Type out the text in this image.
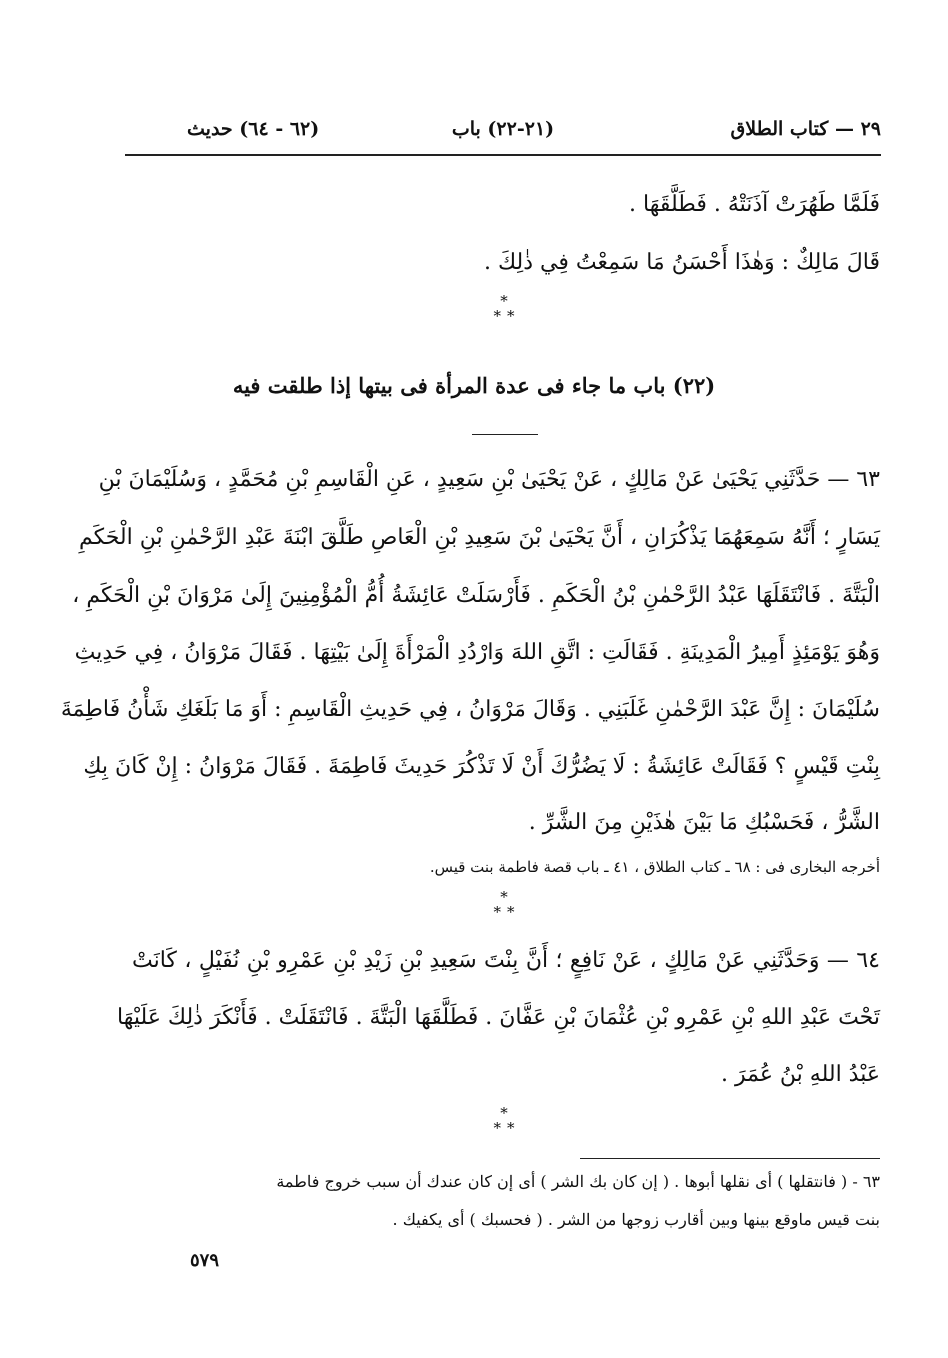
٢٩ — كتاب الطلاق
(٢١-٢٢) باب
(٦٢ - ٦٤) حديث
فَلَمَّا طَهُرَتْ آذَنَتْهُ . فَطَلَّقَهَا .
قَالَ مَالِكٌ : وَهٰذَا أَحْسَنُ مَا سَمِعْتُ فِي ذٰلِكَ .
*
**
(٢٢) باب ما جاء فى عدة المرأة فى بيتها إذا طلقت فيه
٦٣ — حَدَّثَنِي يَحْيَىٰ عَنْ مَالِكٍ ، عَنْ يَحْيَىٰ بْنِ سَعِيدٍ ، عَنِ الْقَاسِمِ بْنِ مُحَمَّدٍ ، وَسُلَيْمَانَ بْنِ
يَسَارٍ ؛ أَنَّهُ سَمِعَهُمَا يَذْكُرَانِ ، أَنَّ يَحْيَىٰ بْنَ سَعِيدِ بْنِ الْعَاصِ طَلَّقَ ابْنَةَ عَبْدِ الرَّحْمٰنِ بْنِ الْحَكَمِ
الْبَتَّةَ . فَانْتَقَلَهَا عَبْدُ الرَّحْمٰنِ بْنُ الْحَكَمِ . فَأَرْسَلَتْ عَائِشَةُ أُمُّ الْمُؤْمِنِينَ إِلَىٰ مَرْوَانَ بْنِ الْحَكَمِ ،
وَهُوَ يَوْمَئِذٍ أَمِيرُ الْمَدِينَةِ . فَقَالَتِ : اتَّقِ اللهَ وَارْدُدِ الْمَرْأَةَ إِلَىٰ بَيْتِهَا . فَقَالَ مَرْوَانُ ، فِي حَدِيثِ
سُلَيْمَانَ : إِنَّ عَبْدَ الرَّحْمٰنِ غَلَبَنِي . وَقَالَ مَرْوَانُ ، فِي حَدِيثِ الْقَاسِمِ : أَوَ مَا بَلَغَكِ شَأْنُ فَاطِمَةَ
بِنْتِ قَيْسٍ ؟ فَقَالَتْ عَائِشَةُ : لَا يَضُرُّكَ أَنْ لَا تَذْكُرَ حَدِيثَ فَاطِمَةَ . فَقَالَ مَرْوَانُ : إِنْ كَانَ بِكِ
الشَّرُّ ، فَحَسْبُكِ مَا بَيْنَ هٰذَيْنِ مِنَ الشَّرِّ .
أخرجه البخارى فى : ٦٨ ـ كتاب الطلاق ، ٤١ ـ باب قصة فاطمة بنت قيس.
*
**
٦٤ — وَحَدَّثَنِي عَنْ مَالِكٍ ، عَنْ نَافِعٍ ؛ أَنَّ بِنْتَ سَعِيدِ بْنِ زَيْدِ بْنِ عَمْرِو بْنِ نُفَيْلٍ ، كَانَتْ
تَحْتَ عَبْدِ اللهِ بْنِ عَمْرِو بْنِ عُثْمَانَ بْنِ عَفَّانَ . فَطَلَّقَهَا الْبَتَّةَ . فَانْتَقَلَتْ . فَأَنْكَرَ ذٰلِكَ عَلَيْهَا
عَبْدُ اللهِ بْنُ عُمَرَ .
*
**
٦٣ - ( فانتقلها ) أى نقلها أبوها . ( إن كان بك الشر ) أى إن كان عندك أن سبب خروج فاطمة
بنت قيس ماوقع بينها وبين أقارب زوجها من الشر . ( فحسبك ) أى يكفيك .
٥٧٩
